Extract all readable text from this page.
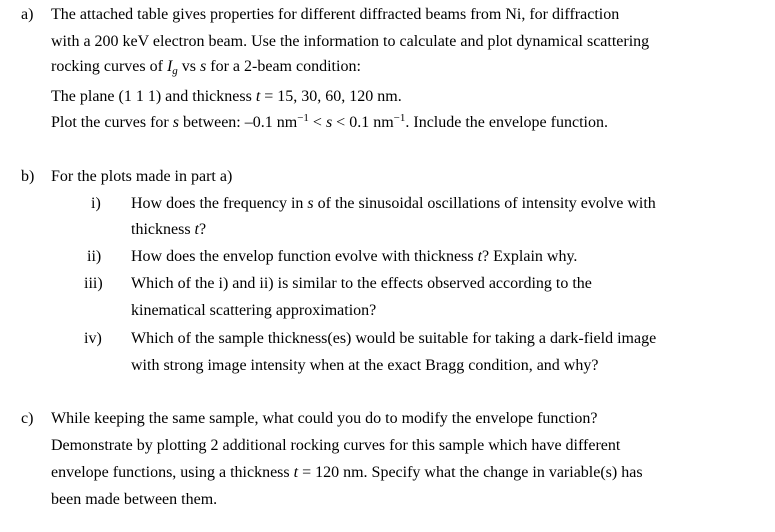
a) The attached table gives properties for different diffracted beams from Ni, for diffraction
with a 200 keV electron beam. Use the information to calculate and plot dynamical scattering
rocking curves of $I_g$ vs s for a 2-beam condition:
The plane (1 1 1) and thickness t = 15, 30, 60, 120 nm.
Plot the curves for s between: –0.1 $nm^{-1} < s < 0.1$ $nm^{-1}$. Include the envelope function.
b) For the plots made in part a)
i) How does the frequency in s of the sinusoidal oscillations of intensity evolve with
thickness t?
ii) How does the envelop function evolve with thickness t? Explain why.
iii) Which of the i) and ii) is similar to the effects observed according to the
kinematical scattering approximation?
iv) Which of the sample thickness(es) would be suitable for taking a dark-field image
with strong image intensity when at the exact Bragg condition, and why?
c) While keeping the same sample, what could you do to modify the envelope function?
Demonstrate by plotting 2 additional rocking curves for this sample which have different
envelope functions, using a thickness t = 120 nm. Specify what the change in variable(s) has
been made between them.
